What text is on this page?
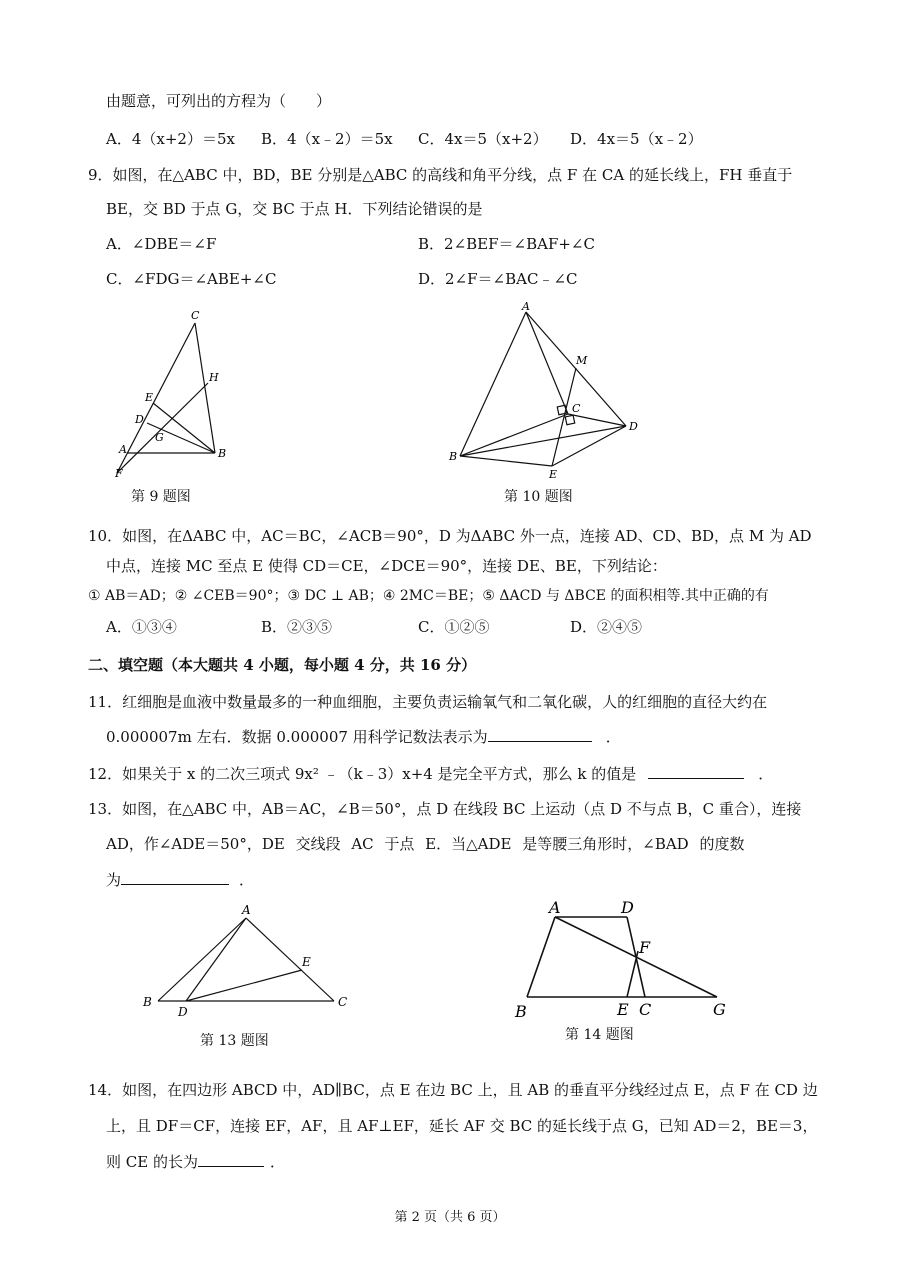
由题意，可列出的方程为（　　）
A．4（x+2）＝5x B．4（x﹣2）＝5x C．4x＝5（x+2） D．4x＝5（x﹣2）
9．如图，在△ABC 中，BD，BE 分别是△ABC 的高线和角平分线，点 F 在 CA 的延长线上，FH 垂直于
BE，交 BD 于点 G，交 BC 于点 H．下列结论错误的是
A．∠DBE＝∠F	B．2∠BEF＝∠BAF+∠C
C．∠FDG＝∠ABE+∠C	D．2∠F＝∠BAC﹣∠C
C
H
E
D
G
A
F
B
第 9 题图
A
M
C
D
B
E
第 10 题图
10．如图，在ΔABC 中，AC＝BC，∠ACB＝90°，D 为ΔABC 外一点，连接 AD、CD、BD，点 M 为 AD
中点，连接 MC 至点 E 使得 CD＝CE，∠DCE＝90°，连接 DE、BE，下列结论：
① AB＝AD；② ∠CEB＝90°；③ DC ⊥ AB；④ 2MC＝BE；⑤ ΔACD 与 ΔBCE 的面积相等.其中正确的有
A．①③④	B．②③⑤	C．①②⑤	D．②④⑤
二、填空题（本大题共 4 小题，每小题 4 分，共 16 分）
11．红细胞是血液中数量最多的一种血细胞，主要负责运输氧气和二氧化碳，人的红细胞的直径大约在
0.000007m 左右．数据 0.000007 用科学记数法表示为	．
12．如果关于 x 的二次三项式 9x² ﹣（k﹣3）x+4 是完全平方式，那么 k 的值是	．
13．如图，在△ABC 中，AB＝AC，∠B＝50°，点 D 在线段 BC 上运动（点 D 不与点 B，C 重合），连接
AD，作∠ADE＝50°，DE 交线段 AC 于点 E．当△ADE 是等腰三角形时，∠BAD 的度数
为	．
A
E
B
D
C
第 13 题图
A	D
F
B	E C	G
第 14 题图
14．如图，在四边形 ABCD 中，AD∥BC，点 E 在边 BC 上，且 AB 的垂直平分线经过点 E，点 F 在 CD 边
上，且 DF＝CF，连接 EF，AF，且 AF⊥EF，延长 AF 交 BC 的延长线于点 G，已知 AD＝2，BE＝3，
则 CE 的长为	．
第 2 页（共 6 页）
